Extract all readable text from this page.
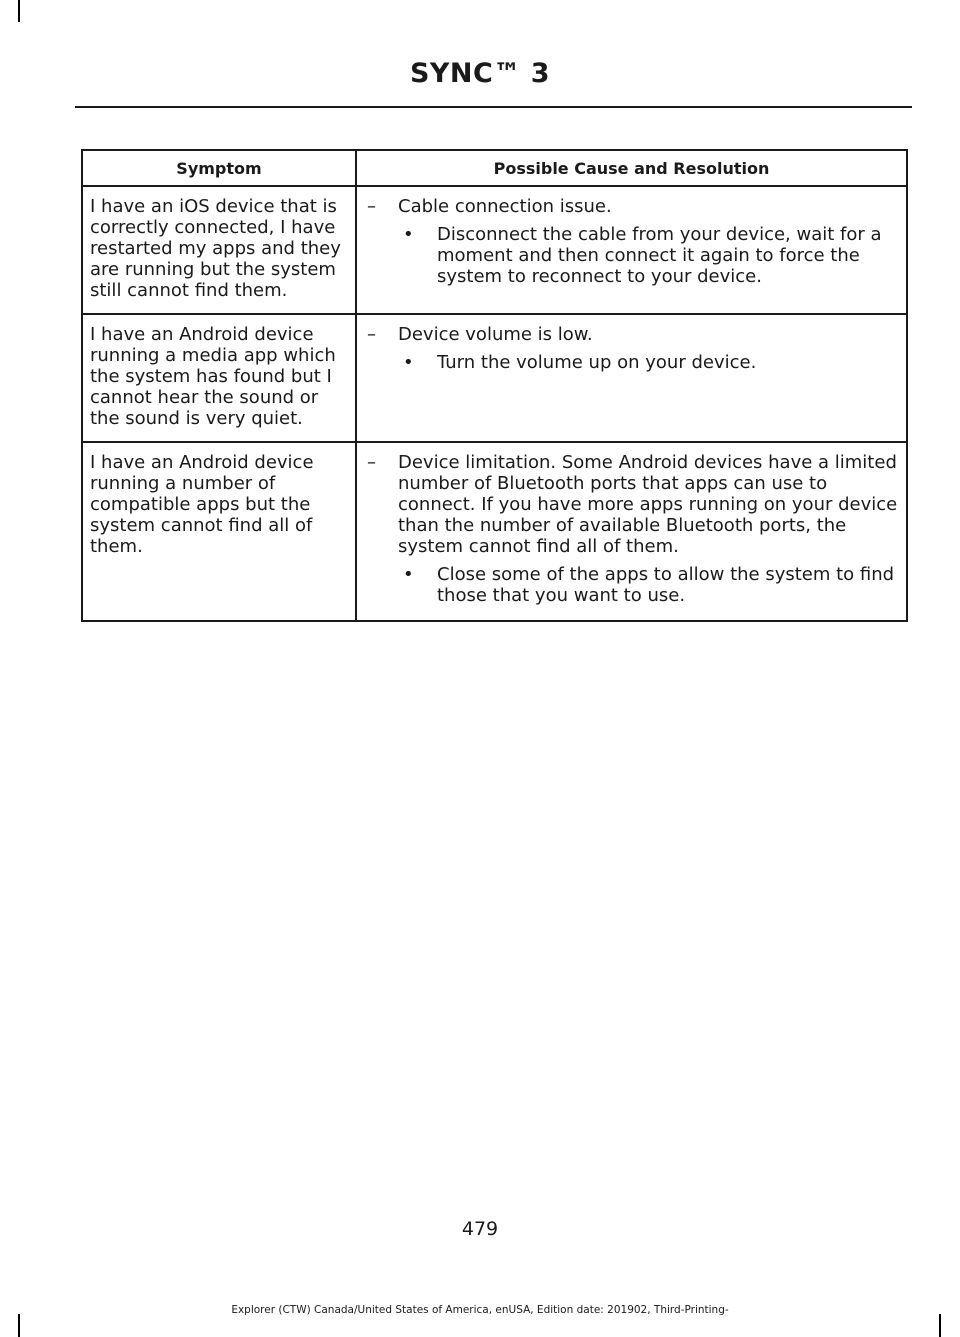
SYNC™ 3
Symptom	Possible Cause and Resolution
I have an iOS device that is correctly connected, I have restarted my apps and they are running but the system still cannot find them.	– Cable connection issue.
• Disconnect the cable from your device, wait for a moment and then connect it again to force the system to reconnect to your device.

I have an Android device running a media app which the system has found but I cannot hear the sound or the sound is very quiet.	– Device volume is low.
• Turn the volume up on your device.

I have an Android device running a number of compatible apps but the system cannot find all of them.	– Device limitation. Some Android devices have a limited number of Bluetooth ports that apps can use to connect. If you have more apps running on your device than the number of available Bluetooth ports, the system cannot find all of them.
• Close some of the apps to allow the system to find those that you want to use.
479
Explorer (CTW) Canada/United States of America, enUSA, Edition date: 201902, Third-Printing-
